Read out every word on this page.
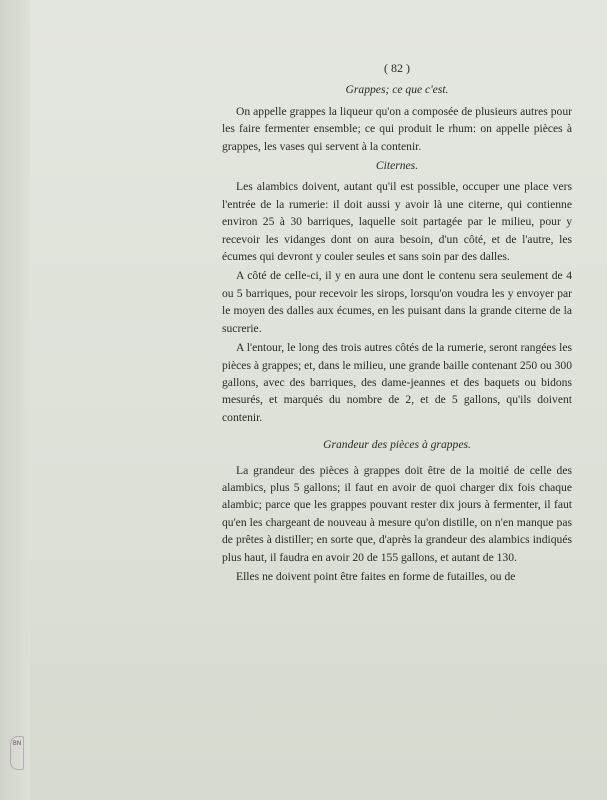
( 82 )
Grappes; ce que c'est.

On appelle grappes la liqueur qu'on a composée de plusieurs autres pour les faire fermenter ensemble; ce qui produit le rhum: on appelle pièces à grappes, les vases qui servent à la contenir.

Citernes.

Les alambics doivent, autant qu'il est possible, occuper une place vers l'entrée de la rumerie: il doit aussi y avoir là une citerne, qui contienne environ 25 à 30 barriques, laquelle soit partagée par le milieu, pour y recevoir les vidanges dont on aura besoin, d'un côté, et de l'autre, les écumes qui devront y couler seules et sans soin par des dalles.

A côté de celle-ci, il y en aura une dont le contenu sera seulement de 4 ou 5 barriques, pour recevoir les sirops, lorsqu'on voudra les y envoyer par le moyen des dalles aux écumes, en les puisant dans la grande citerne de la sucrerie.

A l'entour, le long des trois autres côtés de la rumerie, seront rangées les pièces à grappes; et, dans le milieu, une grande baille contenant 250 ou 300 gallons, avec des barriques, des dame-jeannes et des baquets ou bidons mesurés, et marqués du nombre de 2, et de 5 gallons, qu'ils doivent contenir.

Grandeur des pièces à grappes.

La grandeur des pièces à grappes doit être de la moitié de celle des alambics, plus 5 gallons; il faut en avoir de quoi charger dix fois chaque alambic; parce que les grappes pouvant rester dix jours à fermenter, il faut qu'en les chargeant de nouveau à mesure qu'on distille, on n'en manque pas de prêtes à distiller; en sorte que, d'après la grandeur des alambics indiqués plus haut, il faudra en avoir 20 de 155 gallons, et autant de 130.

Elles ne doivent point être faites en forme de futailles, ou de

BN
